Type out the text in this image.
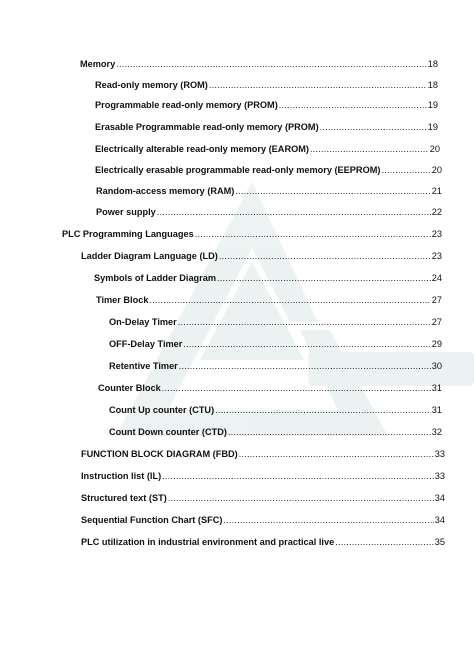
Memory .....	18
Read-only memory (ROM) .....	18
Programmable read-only memory (PROM) .....	19
Erasable Programmable read-only memory (PROM) .....	19
Electrically alterable read-only memory (EAROM) .....	20
Electrically erasable programmable read-only memory (EEPROM) .....	20
Random-access memory (RAM) .....	21
Power supply .....	22
PLC Programming Languages .....	23
Ladder Diagram Language (LD) .....	23
Symbols of Ladder Diagram .....	24
Timer Block .....	27
On-Delay Timer .....	27
OFF-Delay Timer .....	29
Retentive Timer .....	30
Counter Block .....	31
Count Up counter (CTU) .....	31
Count Down counter (CTD) .....	32
FUNCTION BLOCK DIAGRAM (FBD) .....	33
Instruction list (IL) .....	33
Structured text (ST) .....	34
Sequential Function Chart (SFC) .....	34
PLC utilization in industrial environment and practical live .....	35
